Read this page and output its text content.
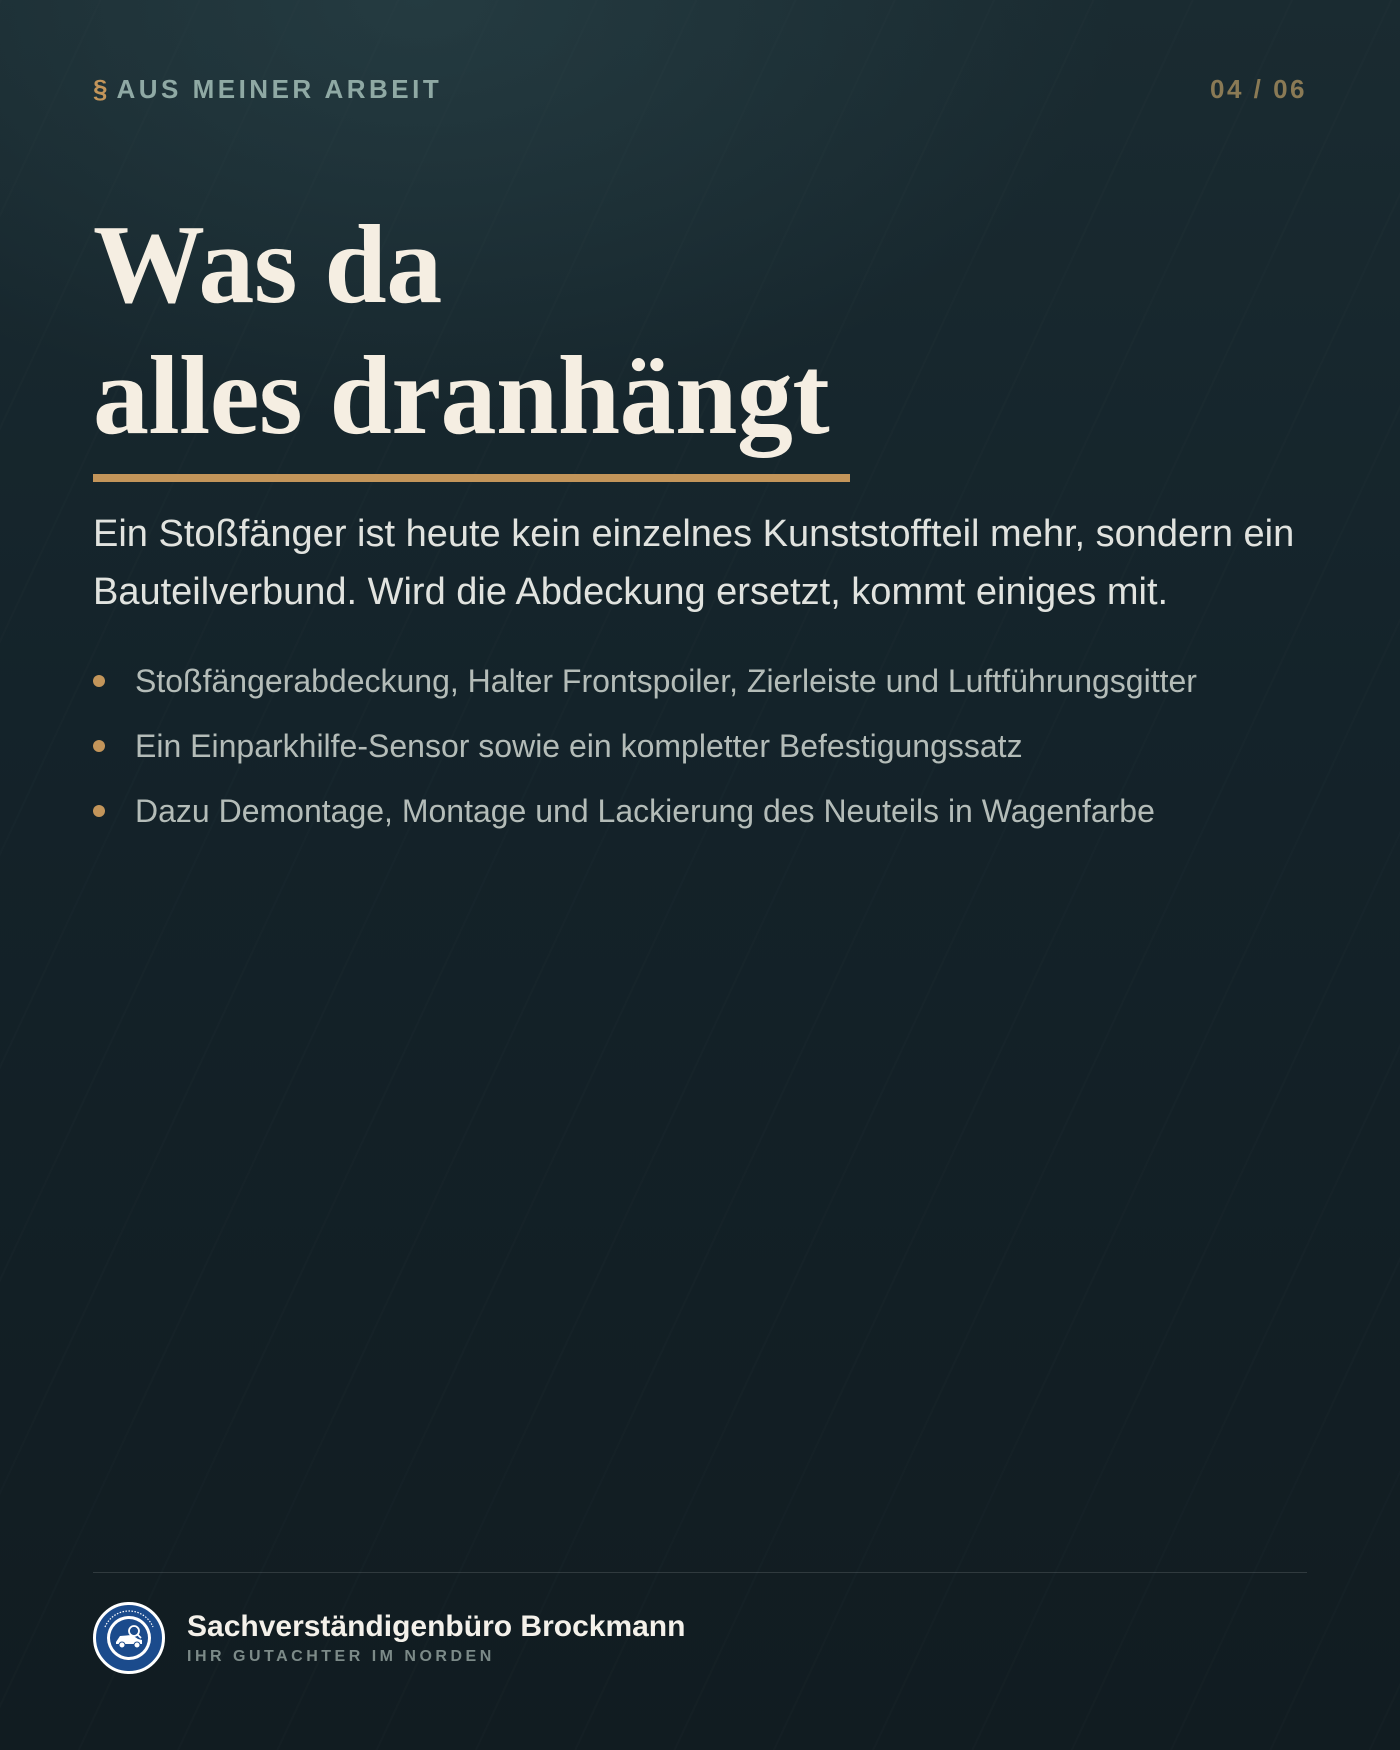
§ AUS MEINER ARBEIT	04 / 06
Was da
alles dranhängt

Ein Stoßfänger ist heute kein einzelnes Kunststoffteil mehr, sondern ein Bauteilverbund. Wird die Abdeckung ersetzt, kommt einiges mit.

Stoßfängerabdeckung, Halter Frontspoiler, Zierleiste und Luftführungsgitter
Ein Einparkhilfe-Sensor sowie ein kompletter Befestigungssatz
Dazu Demontage, Montage und Lackierung des Neuteils in Wagenfarbe
Sachverständigenbüro Brockmann
IHR GUTACHTER IM NORDEN
